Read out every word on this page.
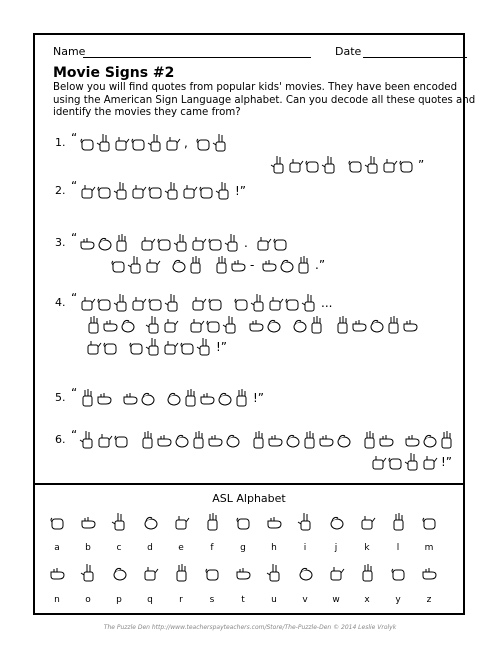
Name	Date
Movie Signs #2
Below you will find quotes from popular kids' movies. They have been encoded
using the American Sign Language alphabet. Can you decode all these quotes and
identify the movies they came from?
1. “	,
”
2. “	!”
3. “	.
-	.”
4. “	...
!”
5. “	!”
6. “
!”
ASL Alphabet
a	b	c	d	e	f	g	h	i	j	k	l	m
n	o	p	q	r	s	t	u	v	w	x	y	z
The Puzzle Den http://www.teacherspayteachers.com/Store/The-Puzzle-Den © 2014 Leslie Vrolyk
